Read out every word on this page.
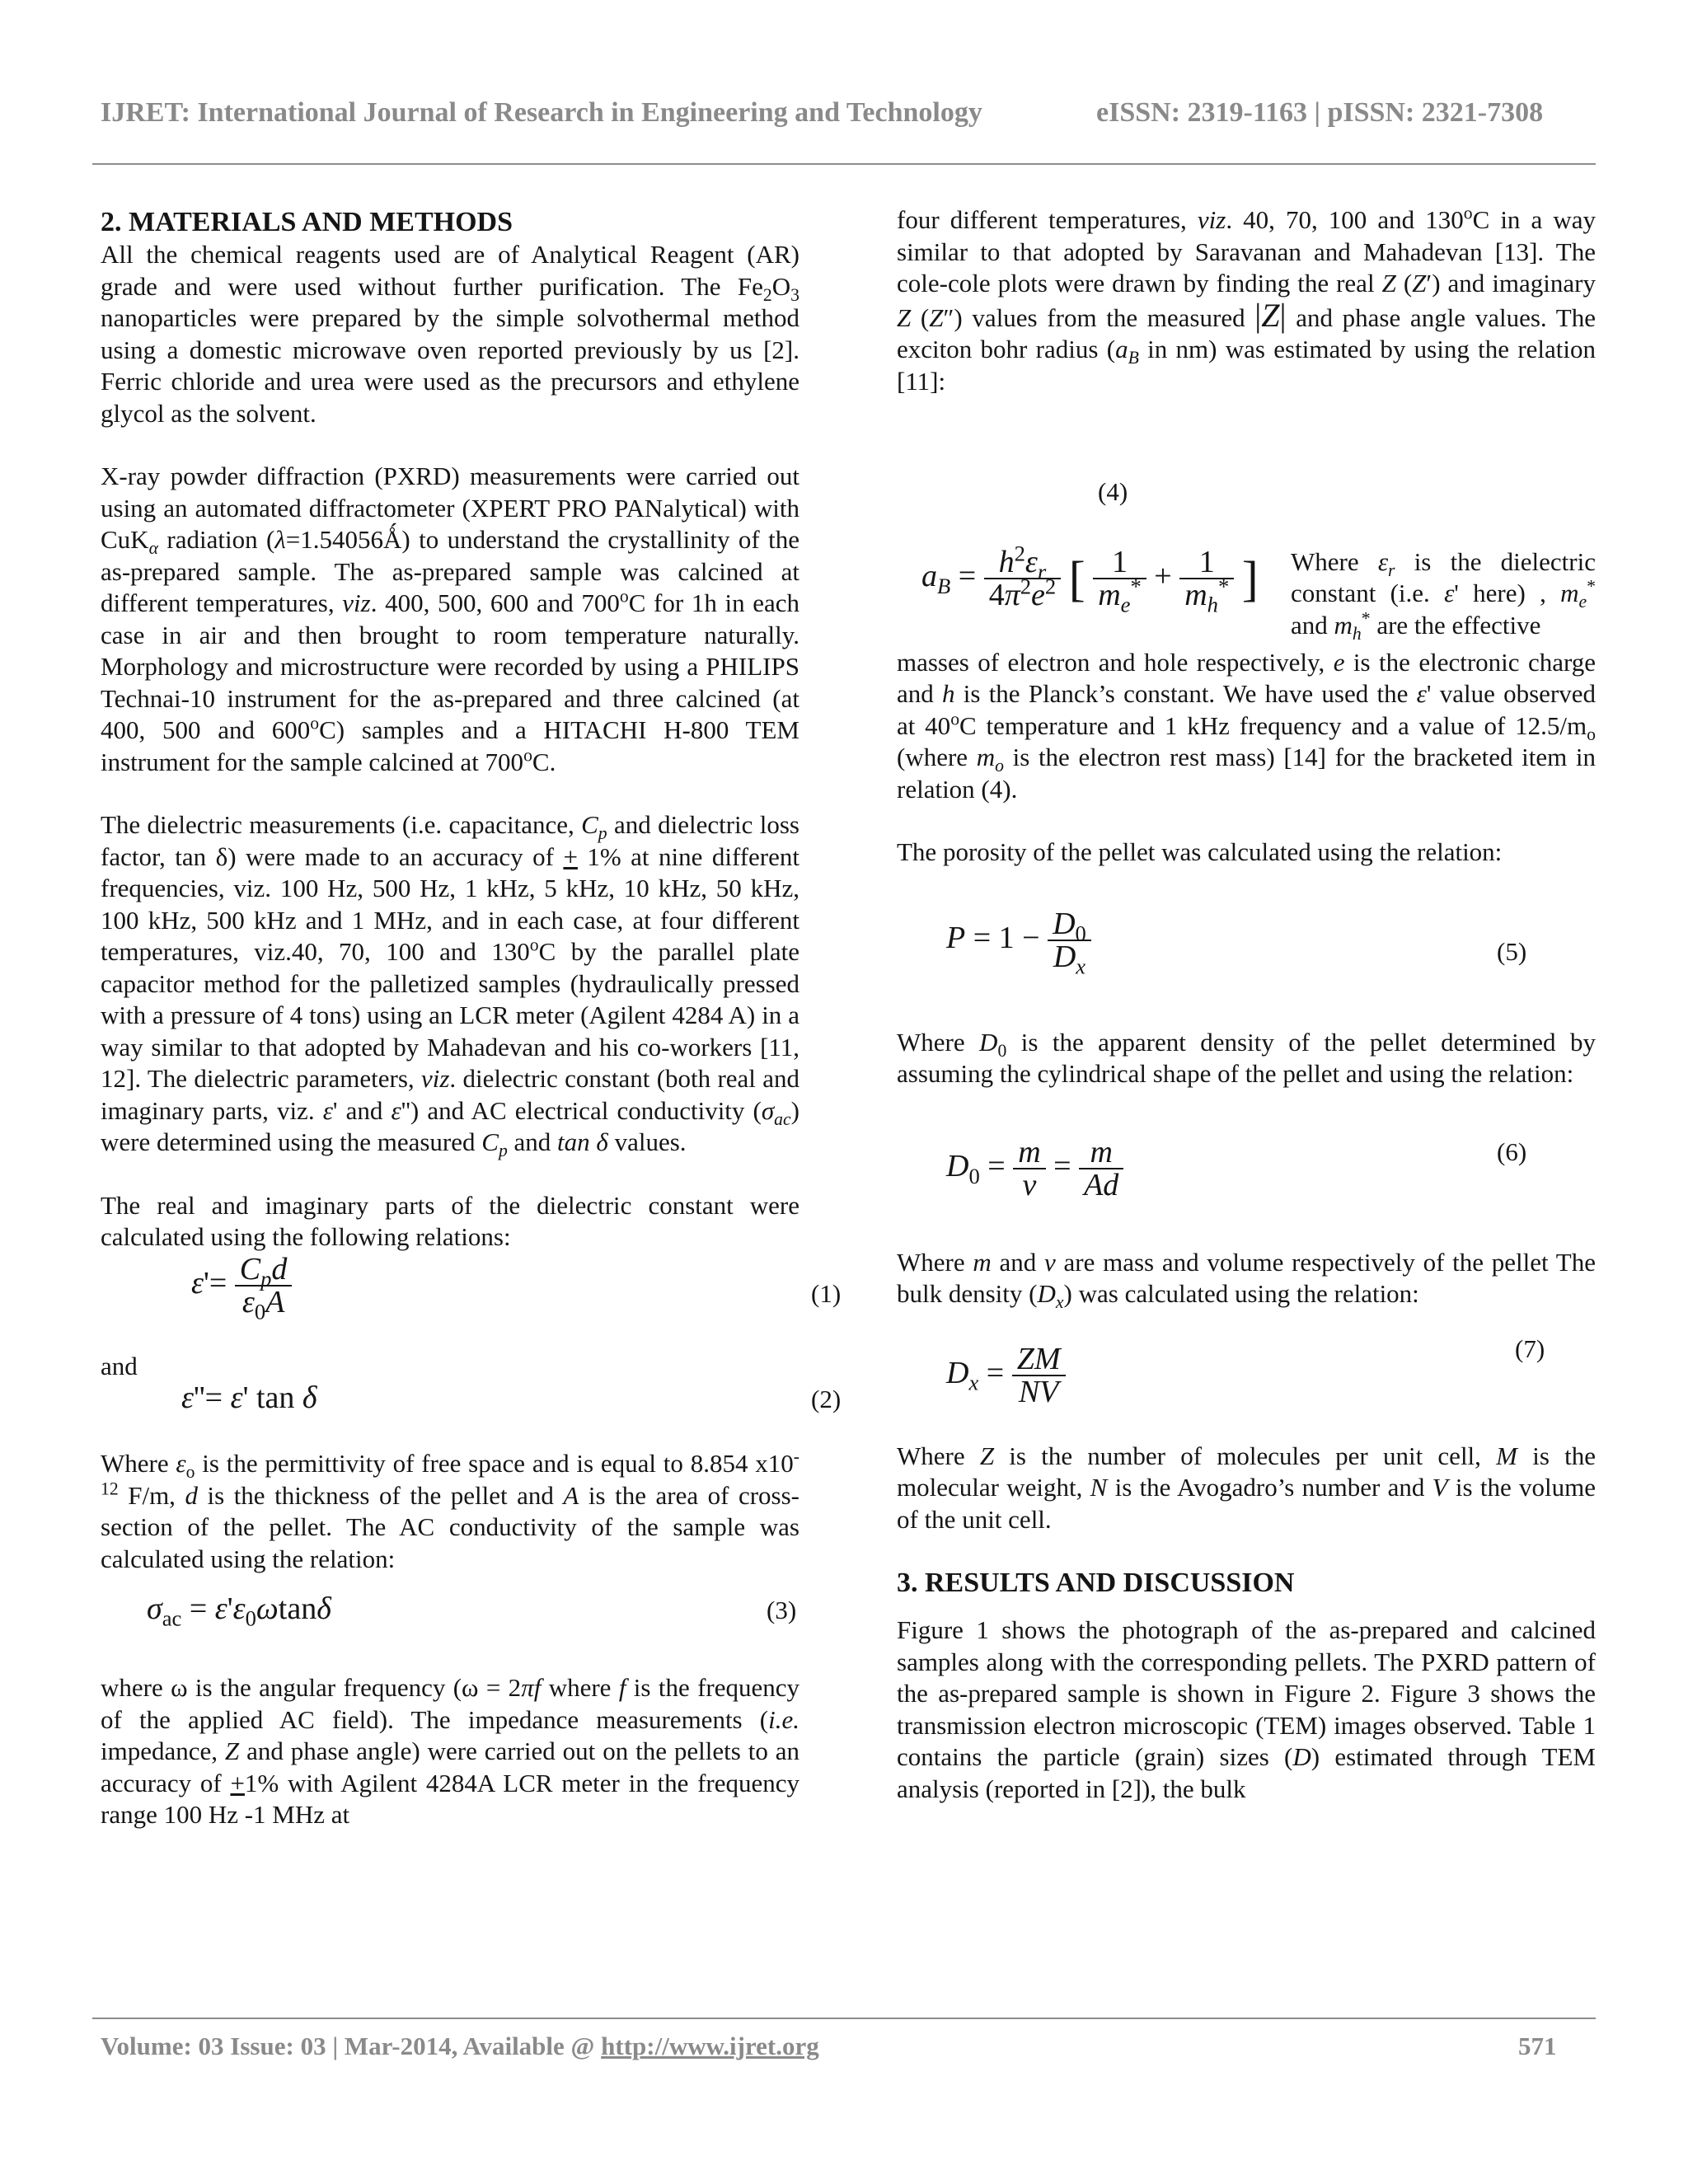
IJRET: International Journal of Research in Engineering and Technology	eISSN: 2319-1163 | pISSN: 2321-7308
2. MATERIALS AND METHODS

All the chemical reagents used are of Analytical Reagent (AR) grade and were used without further purification. The $Fe_2O_3$ nanoparticles were prepared by the simple solvothermal method using a domestic microwave oven reported previously by us [2]. Ferric chloride and urea were used as the precursors and ethylene glycol as the solvent.

X-ray powder diffraction (PXRD) measurements were carried out using an automated diffractometer (XPERT PRO PANalytical) with CuK$_\alpha$ radiation (λ=1.54056Ǻ) to understand the crystallinity of the as-prepared sample. The as-prepared sample was calcined at different temperatures, viz. 400, 500, 600 and 700$^o$C for 1h in each case in air and then brought to room temperature naturally. Morphology and microstructure were recorded by using a PHILIPS Technai-10 instrument for the as-prepared and three calcined (at 400, 500 and 600$^o$C) samples and a HITACHI H-800 TEM instrument for the sample calcined at 700$^o$C.

The dielectric measurements (i.e. capacitance, $C_p$ and dielectric loss factor, tan δ) were made to an accuracy of + 1% at nine different frequencies, viz. 100 Hz, 500 Hz, 1 kHz, 5 kHz, 10 kHz, 50 kHz, 100 kHz, 500 kHz and 1 MHz, and in each case, at four different temperatures, viz.40, 70, 100 and 130$^o$C by the parallel plate capacitor method for the palletized samples (hydraulically pressed with a pressure of 4 tons) using an LCR meter (Agilent 4284 A) in a way similar to that adopted by Mahadevan and his co-workers [11, 12]. The dielectric parameters, viz. dielectric constant (both real and imaginary parts, viz. ε' and ε'') and AC electrical conductivity $(\sigma_{ac})$ were determined using the measured $C_p$ and tan δ values.

The real and imaginary parts of the dielectric constant were calculated using the following relations:

$\varepsilon'= \frac{C_pd}{\varepsilon_0A}$	(1)

and

ε''= ε' tan δ	(2)

Where $\varepsilon_o$ is the permittivity of free space and is equal to 8.854 $x10^{-12}$ F/m, d is the thickness of the pellet and A is the area of cross-section of the pellet. The AC conductivity of the sample was calculated using the relation:

$\sigma_{ac} = \varepsilon'\varepsilon_0\omega\tan\delta$	(3)

where ω is the angular frequency (ω = 2πf where f is the frequency of the applied AC field). The impedance measurements (i.e. impedance, Z and phase angle) were carried out on the pellets to an accuracy of +1% with Agilent 4284A LCR meter in the frequency range 100 Hz -1 MHz at

four different temperatures, viz. 40, 70, 100 and 130$^o$C in a way similar to that adopted by Saravanan and Mahadevan [13]. The cole-cole plots were drawn by finding the real Z (Z′) and imaginary Z (Z″) values from the measured |Z| and phase angle values. The exciton bohr radius ($a_B$ in nm) was estimated by using the relation [11]:

(4)
$a_B = \frac{h^2\varepsilon_r}{4\pi^2e^2}$ [ $\frac{1}{m_e^*} + \frac{1}{m_h^*}$ ] Where $\varepsilon_r$ is the dielectric constant (i.e. ε' here) , $m_e^*$ and $m_h^*$ are the effective

masses of electron and hole respectively, e is the electronic charge and h is the Planck’s constant. We have used the ε' value observed at 40$^o$C temperature and 1 kHz frequency and a value of $12.5/m_o$ (where $m_o$ is the electron rest mass) [14] for the bracketed item in relation (4).

The porosity of the pellet was calculated using the relation:

$P = 1 - \frac{D_0}{D_x}$	(5)

Where $D_0$ is the apparent density of the pellet determined by assuming the cylindrical shape of the pellet and using the relation:

$D_0 = \frac{m}{v} = \frac{m}{Ad}$	(6)

Where m and v are mass and volume respectively of the pellet The bulk density $(D_x)$ was calculated using the relation:

$D_x = \frac{ZM}{NV}$	(7)

Where Z is the number of molecules per unit cell, M is the molecular weight, N is the Avogadro’s number and V is the volume of the unit cell.

3. RESULTS AND DISCUSSION

Figure 1 shows the photograph of the as-prepared and calcined samples along with the corresponding pellets. The PXRD pattern of the as-prepared sample is shown in Figure 2. Figure 3 shows the transmission electron microscopic (TEM) images observed. Table 1 contains the particle (grain) sizes (D) estimated through TEM analysis (reported in [2]), the bulk

Volume: 03 Issue: 03 | Mar-2014, Available @ http://www.ijret.org	571
